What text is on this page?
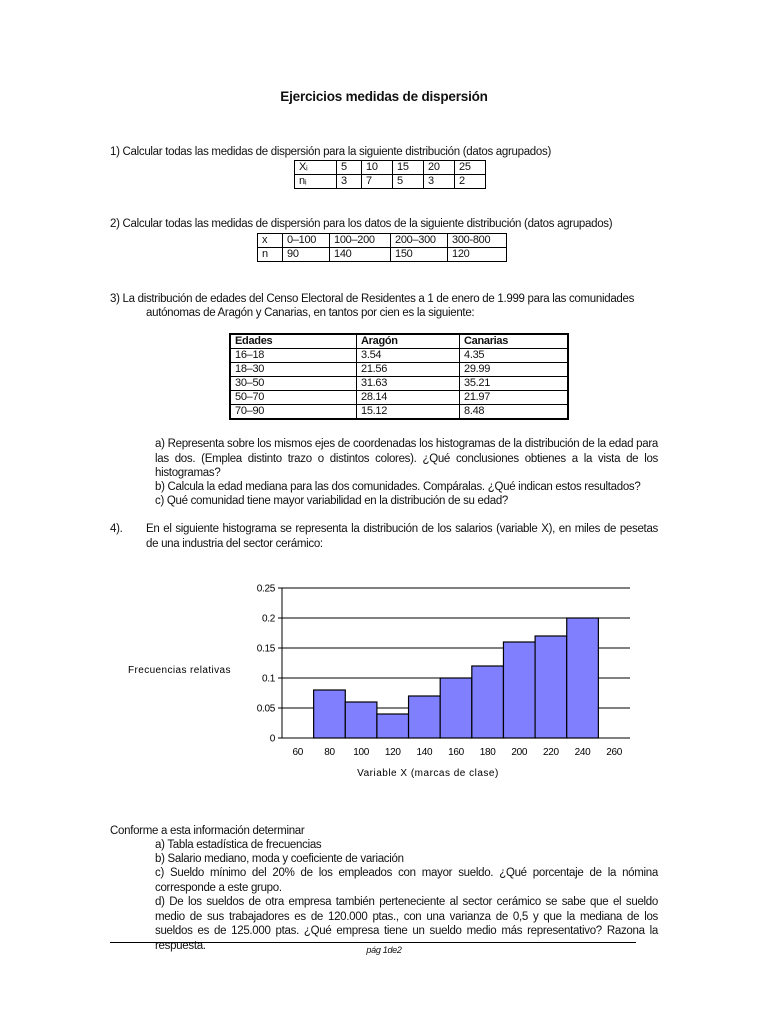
Ejercicios medidas de dispersión
1) Calcular todas las medidas de dispersión para la siguiente distribución (datos agrupados)
Xᵢ	5	10	15	20	25
nᵢ	3	7	5	3	2
2) Calcular todas las medidas de dispersión para los datos de la siguiente distribución (datos agrupados)
x	0–100	100–200	200–300	300-800
n	90	140	150	120
3) La distribución de edades del Censo Electoral de Residentes a 1 de enero de 1.999 para las comunidades
autónomas de Aragón y Canarias, en tantos por cien es la siguiente:
Edades	Aragón	Canarias
16–18	3.54	4.35
18–30	21.56	29.99
30–50	31.63	35.21
50–70	28.14	21.97
70–90	15.12	8.48
a) Representa sobre los mismos ejes de coordenadas los histogramas de la distribución de la edad para las dos. (Emplea distinto trazo o distintos colores). ¿Qué conclusiones obtienes a la vista de los histogramas?
b) Calcula la edad mediana para las dos comunidades. Compáralas. ¿Qué indican estos resultados?
c) Qué comunidad tiene mayor variabilidad en la distribución de su edad?
4). En el siguiente histograma se representa la distribución de los salarios (variable X), en miles de pesetas de una industria del sector cerámico:
Frecuencias relativas
0
0.05
0.1
0.15
0.2
0.25
60 80 100 120 140 160 180 200 220 240 260
Variable X (marcas de clase)
Conforme a esta información determinar
a) Tabla estadística de frecuencias
b) Salario mediano, moda y coeficiente de variación
c) Sueldo mínimo del 20% de los empleados con mayor sueldo. ¿Qué porcentaje de la nómina corresponde a este grupo.
d) De los sueldos de otra empresa también perteneciente al sector cerámico se sabe que el sueldo medio de sus trabajadores es de 120.000 ptas., con una varianza de 0,5 y que la mediana de los sueldos es de 125.000 ptas. ¿Qué empresa tiene un sueldo medio más representativo? Razona la respuesta.	pág 1de2
